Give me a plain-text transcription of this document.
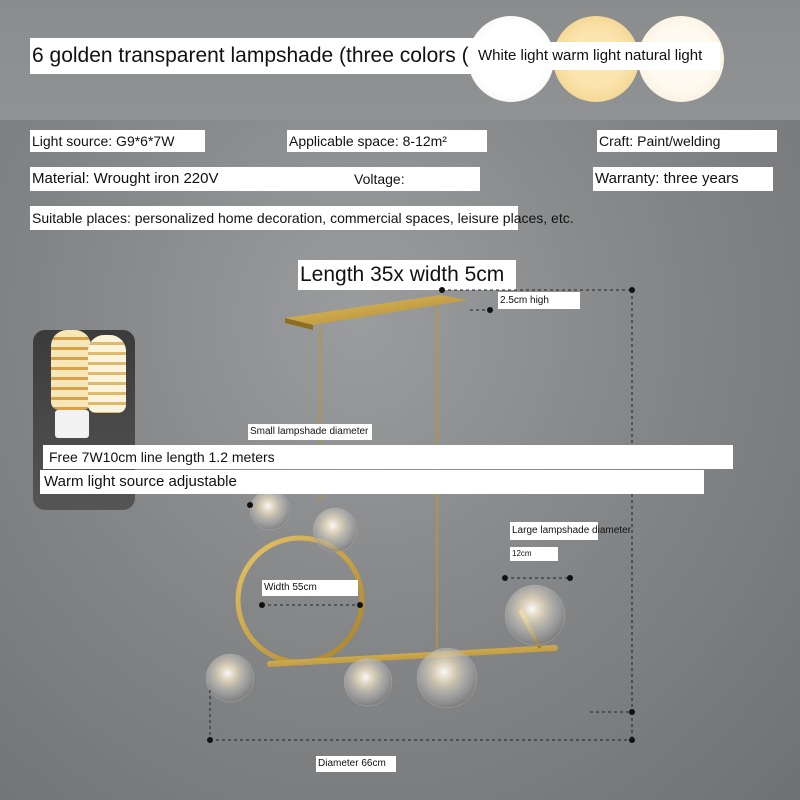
6 golden transparent lampshade (three colors ( White light warm light natural light
Light source: G9*6*7W	Applicable space: 8-12m²	Craft: Paint/welding
Material: Wrought iron 220V	Voltage:	Warranty: three years
Suitable places: personalized home decoration, commercial spaces, leisure places, etc.
Length 35x width 5cm
2.5cm high
Small lampshade diameter
Free 7W10cm line length 1.2 meters
Warm light source adjustable
Large lampshade diameter
12cm
Width 55cm
Diameter 66cm
